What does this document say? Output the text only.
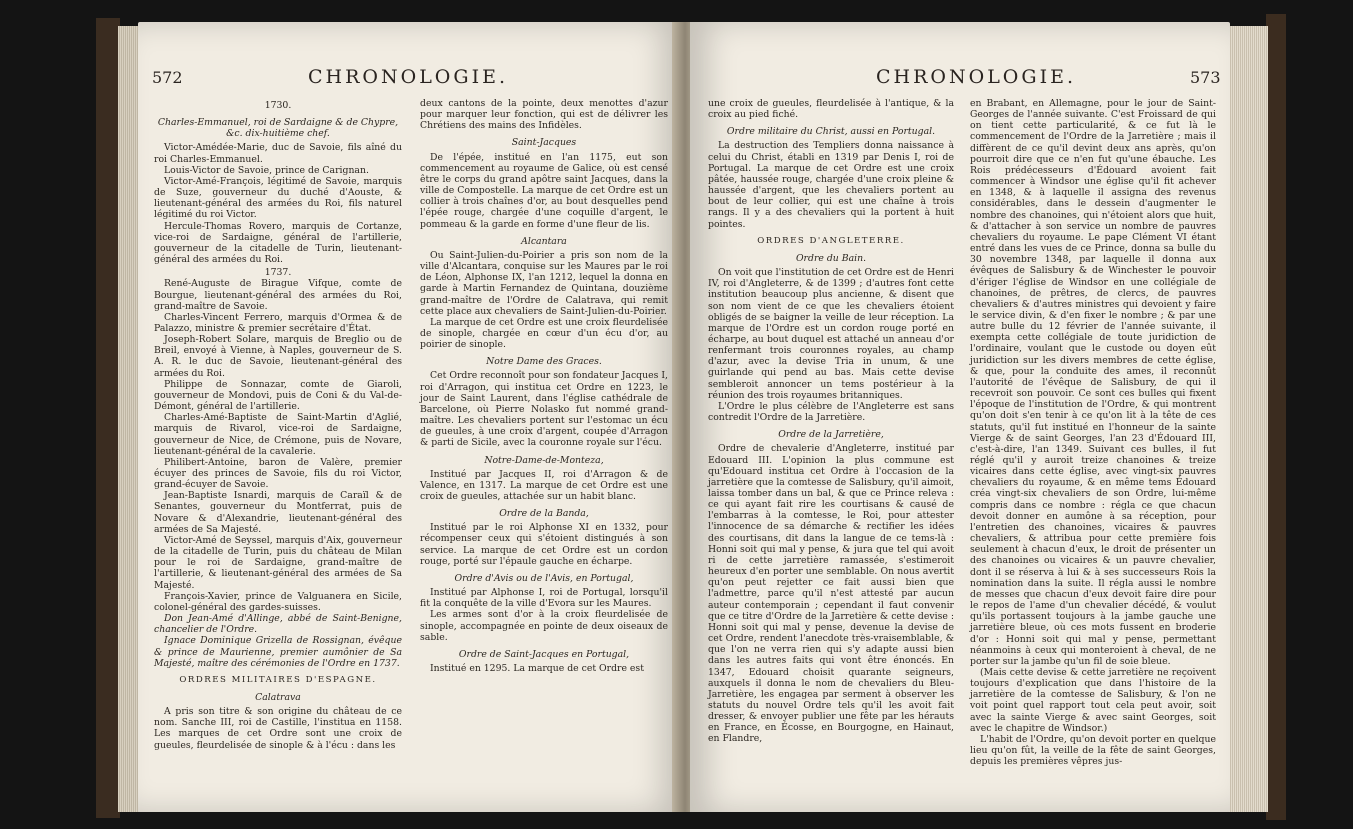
572	CHRONOLOGIE.

1730.

Charles-Emmanuel, roi de Sardaigne & de Chypre, &c. dix-huitième chef.

Victor-Amédée-Marie, duc de Savoie, fils aîné du roi Charles-Emmanuel.

Louis-Victor de Savoie, prince de Carignan.

Victor-Amé-François, légitimé de Savoie, marquis de Suze, gouverneur du duché d'Aouste, & lieutenant-général des armées du Roi, fils naturel légitimé du roi Victor.

Hercule-Thomas Rovero, marquis de Cortanze, vice-roi de Sardaigne, général de l'artillerie, gouverneur de la citadelle de Turin, lieutenant-général des armées du Roi.

1737.

René-Auguste de Birague Vifque, comte de Bourgue, lieutenant-général des armées du Roi, grand-maître de Savoie.

Charles-Vincent Ferrero, marquis d'Ormea & de Palazzo, ministre & premier secrétaire d'État.

Joseph-Robert Solare, marquis de Breglio ou de Breil, envoyé à Vienne, à Naples, gouverneur de S. A. R. le duc de Savoie, lieutenant-général des armées du Roi.

Philippe de Sonnazar, comte de Giaroli, gouverneur de Mondovi, puis de Coni & du Val-de-Démont, général de l'artillerie.

Charles-Amé-Baptiste de Saint-Martin d'Aglié, marquis de Rivarol, vice-roi de Sardaigne, gouverneur de Nice, de Crémone, puis de Novare, lieutenant-général de la cavalerie.

Philibert-Antoine, baron de Valère, premier écuyer des princes de Savoie, fils du roi Victor, grand-écuyer de Savoie.

Jean-Baptiste Isnardi, marquis de Caraïl & de Senantes, gouverneur du Montferrat, puis de Novare & d'Alexandrie, lieutenant-général des armées de Sa Majesté.

Victor-Amé de Seyssel, marquis d'Aix, gouverneur de la citadelle de Turin, puis du château de Milan pour le roi de Sardaigne, grand-maître de l'artillerie, & lieutenant-général des armées de Sa Majesté.

François-Xavier, prince de Valguanera en Sicile, colonel-général des gardes-suisses.

Don Jean-Amé d'Allinge, abbé de Saint-Benigne, chancelier de l'Ordre.

Ignace Dominique Grizella de Rossignan, évêque & prince de Maurienne, premier aumônier de Sa Majesté, maître des cérémonies de l'Ordre en 1737.

ORDRES MILITAIRES D'ESPAGNE.

Calatrava

A pris son titre & son origine du château de ce nom. Sanche III, roi de Castille, l'institua en 1158. Les marques de cet Ordre sont une croix de gueules, fleurdelisée de sinople & à l'écu : dans les

deux cantons de la pointe, deux menottes d'azur pour marquer leur fonction, qui est de délivrer les Chrétiens des mains des Infidèles.

Saint-Jacques

De l'épée, institué en l'an 1175, eut son commencement au royaume de Galice, où est censé être le corps du grand apôtre saint Jacques, dans la ville de Compostelle. La marque de cet Ordre est un collier à trois chaînes d'or, au bout desquelles pend l'épée rouge, chargée d'une coquille d'argent, le pommeau & la garde en forme d'une fleur de lis.

Alcantara

Ou Saint-Julien-du-Poirier a pris son nom de la ville d'Alcantara, conquise sur les Maures par le roi de Léon, Alphonse IX, l'an 1212, lequel la donna en garde à Martin Fernandez de Quintana, douzième grand-maître de l'Ordre de Calatrava, qui remit cette place aux chevaliers de Saint-Julien-du-Poirier.

La marque de cet Ordre est une croix fleurdelisée de sinople, chargée en cœur d'un écu d'or, au poirier de sinople.

Notre Dame des Graces.

Cet Ordre reconnoît pour son fondateur Jacques I, roi d'Arragon, qui institua cet Ordre en 1223, le jour de Saint Laurent, dans l'église cathédrale de Barcelone, où Pierre Nolasko fut nommé grand-maître. Les chevaliers portent sur l'estomac un écu de gueules, à une croix d'argent, coupée d'Arragon & parti de Sicile, avec la couronne royale sur l'écu.

Notre-Dame-de-Monteza,

Institué par Jacques II, roi d'Arragon & de Valence, en 1317. La marque de cet Ordre est une croix de gueules, attachée sur un habit blanc.

Ordre de la Banda,

Institué par le roi Alphonse XI en 1332, pour récompenser ceux qui s'étoient distingués à son service. La marque de cet Ordre est un cordon rouge, porté sur l'épaule gauche en écharpe.

Ordre d'Avis ou de l'Avis, en Portugal,

Institué par Alphonse I, roi de Portugal, lorsqu'il fit la conquête de la ville d'Evora sur les Maures.

Les armes sont d'or à la croix fleurdelisée de sinople, accompagnée en pointe de deux oiseaux de sable.

Ordre de Saint-Jacques en Portugal,

Institué en 1295. La marque de cet Ordre est

CHRONOLOGIE.	573

une croix de gueules, fleurdelisée à l'antique, & la croix au pied fiché.

Ordre militaire du Christ, aussi en Portugal.

La destruction des Templiers donna naissance à celui du Christ, établi en 1319 par Denis I, roi de Portugal. La marque de cet Ordre est une croix pâtée, haussée rouge, chargée d'une croix pleine & haussée d'argent, que les chevaliers portent au bout de leur collier, qui est une chaîne à trois rangs. Il y a des chevaliers qui la portent à huit pointes.

ORDRES D'ANGLETERRE.

Ordre du Bain.

On voit que l'institution de cet Ordre est de Henri IV, roi d'Angleterre, & de 1399 ; d'autres font cette institution beaucoup plus ancienne, & disent que son nom vient de ce que les chevaliers étoient obligés de se baigner la veille de leur réception. La marque de l'Ordre est un cordon rouge porté en écharpe, au bout duquel est attaché un anneau d'or renfermant trois couronnes royales, au champ d'azur, avec la devise Tria in unum, & une guirlande qui pend au bas. Mais cette devise sembleroit annoncer un tems postérieur à la réunion des trois royaumes britanniques.

L'Ordre le plus célèbre de l'Angleterre est sans contredit l'Ordre de la Jarretière.

Ordre de la Jarretière,

Ordre de chevalerie d'Angleterre, institué par Edouard III. L'opinion la plus commune est qu'Edouard institua cet Ordre à l'occasion de la jarretière que la comtesse de Salisbury, qu'il aimoit, laissa tomber dans un bal, & que ce Prince releva : ce qui ayant fait rire les courtisans & causé de l'embarras à la comtesse, le Roi, pour attester l'innocence de sa démarche & rectifier les idées des courtisans, dit dans la langue de ce tems-là : Honni soit qui mal y pense, & jura que tel qui avoit ri de cette jarretière ramassée, s'estimeroit heureux d'en porter une semblable. On nous avertit qu'on peut rejetter ce fait aussi bien que l'admettre, parce qu'il n'est attesté par aucun auteur contemporain ; cependant il faut convenir que ce titre d'Ordre de la Jarretière & cette devise : Honni soit qui mal y pense, devenue la devise de cet Ordre, rendent l'anecdote très-vraisemblable, & que l'on ne verra rien qui s'y adapte aussi bien dans les autres faits qui vont être énoncés. En 1347, Edouard choisit quarante seigneurs, auxquels il donna le nom de chevaliers du Bleu-Jarretière, les engagea par serment à observer les statuts du nouvel Ordre tels qu'il les avoit fait dresser, & envoyer publier une fête par les hérauts en France, en Écosse, en Bourgogne, en Hainaut, en Flandre,

en Brabant, en Allemagne, pour le jour de Saint-Georges de l'année suivante. C'est Froissard de qui on tient cette particularité, & ce fut là le commencement de l'Ordre de la Jarretière ; mais il diffèrent de ce qu'il devint deux ans après, qu'on pourroit dire que ce n'en fut qu'une ébauche. Les Rois prédécesseurs d'Édouard avoient fait commencer à Windsor une église qu'il fit achever en 1348, & à laquelle il assigna des revenus considérables, dans le dessein d'augmenter le nombre des chanoines, qui n'étoient alors que huit, & d'attacher à son service un nombre de pauvres chevaliers du royaume. Le pape Clément VI étant entré dans les vues de ce Prince, donna sa bulle du 30 novembre 1348, par laquelle il donna aux évêques de Salisbury & de Winchester le pouvoir d'ériger l'église de Windsor en une collégiale de chanoines, de prêtres, de clercs, de pauvres chevaliers & d'autres ministres qui devoient y faire le service divin, & d'en fixer le nombre ; & par une autre bulle du 12 février de l'année suivante, il exempta cette collégiale de toute juridiction de l'ordinaire, voulant que le custode ou doyen eût juridiction sur les divers membres de cette église, & que, pour la conduite des ames, il reconnût l'autorité de l'évêque de Salisbury, de qui il recevroit son pouvoir. Ce sont ces bulles qui fixent l'époque de l'institution de l'Ordre, & qui montrent qu'on doit s'en tenir à ce qu'on lit à la tête de ces statuts, qu'il fut institué en l'honneur de la sainte Vierge & de saint Georges, l'an 23 d'Édouard III, c'est-à-dire, l'an 1349. Suivant ces bulles, il fut réglé qu'il y auroit treize chanoines & treize vicaires dans cette église, avec vingt-six pauvres chevaliers du royaume, & en même tems Édouard créa vingt-six chevaliers de son Ordre, lui-même compris dans ce nombre : régla ce que chacun devoit donner en aumône à sa réception, pour l'entretien des chanoines, vicaires & pauvres chevaliers, & attribua pour cette première fois seulement à chacun d'eux, le droit de présenter un des chanoines ou vicaires & un pauvre chevalier, dont il se réserva à lui & à ses successeurs Rois la nomination dans la suite. Il régla aussi le nombre de messes que chacun d'eux devoit faire dire pour le repos de l'ame d'un chevalier décédé, & voulut qu'ils portassent toujours à la jambe gauche une jarretière bleue, où ces mots fussent en broderie d'or : Honni soit qui mal y pense, permettant néanmoins à ceux qui monteroient à cheval, de ne porter sur la jambe qu'un fil de soie bleue.

(Mais cette devise & cette jarretière ne reçoivent toujours d'explication que dans l'histoire de la jarretière de la comtesse de Salisbury, & l'on ne voit point quel rapport tout cela peut avoir, soit avec la sainte Vierge & avec saint Georges, soit avec le chapitre de Windsor.)

L'habit de l'Ordre, qu'on devoit porter en quelque lieu qu'on fût, la veille de la fête de saint Georges, depuis les premières vêpres jus-
